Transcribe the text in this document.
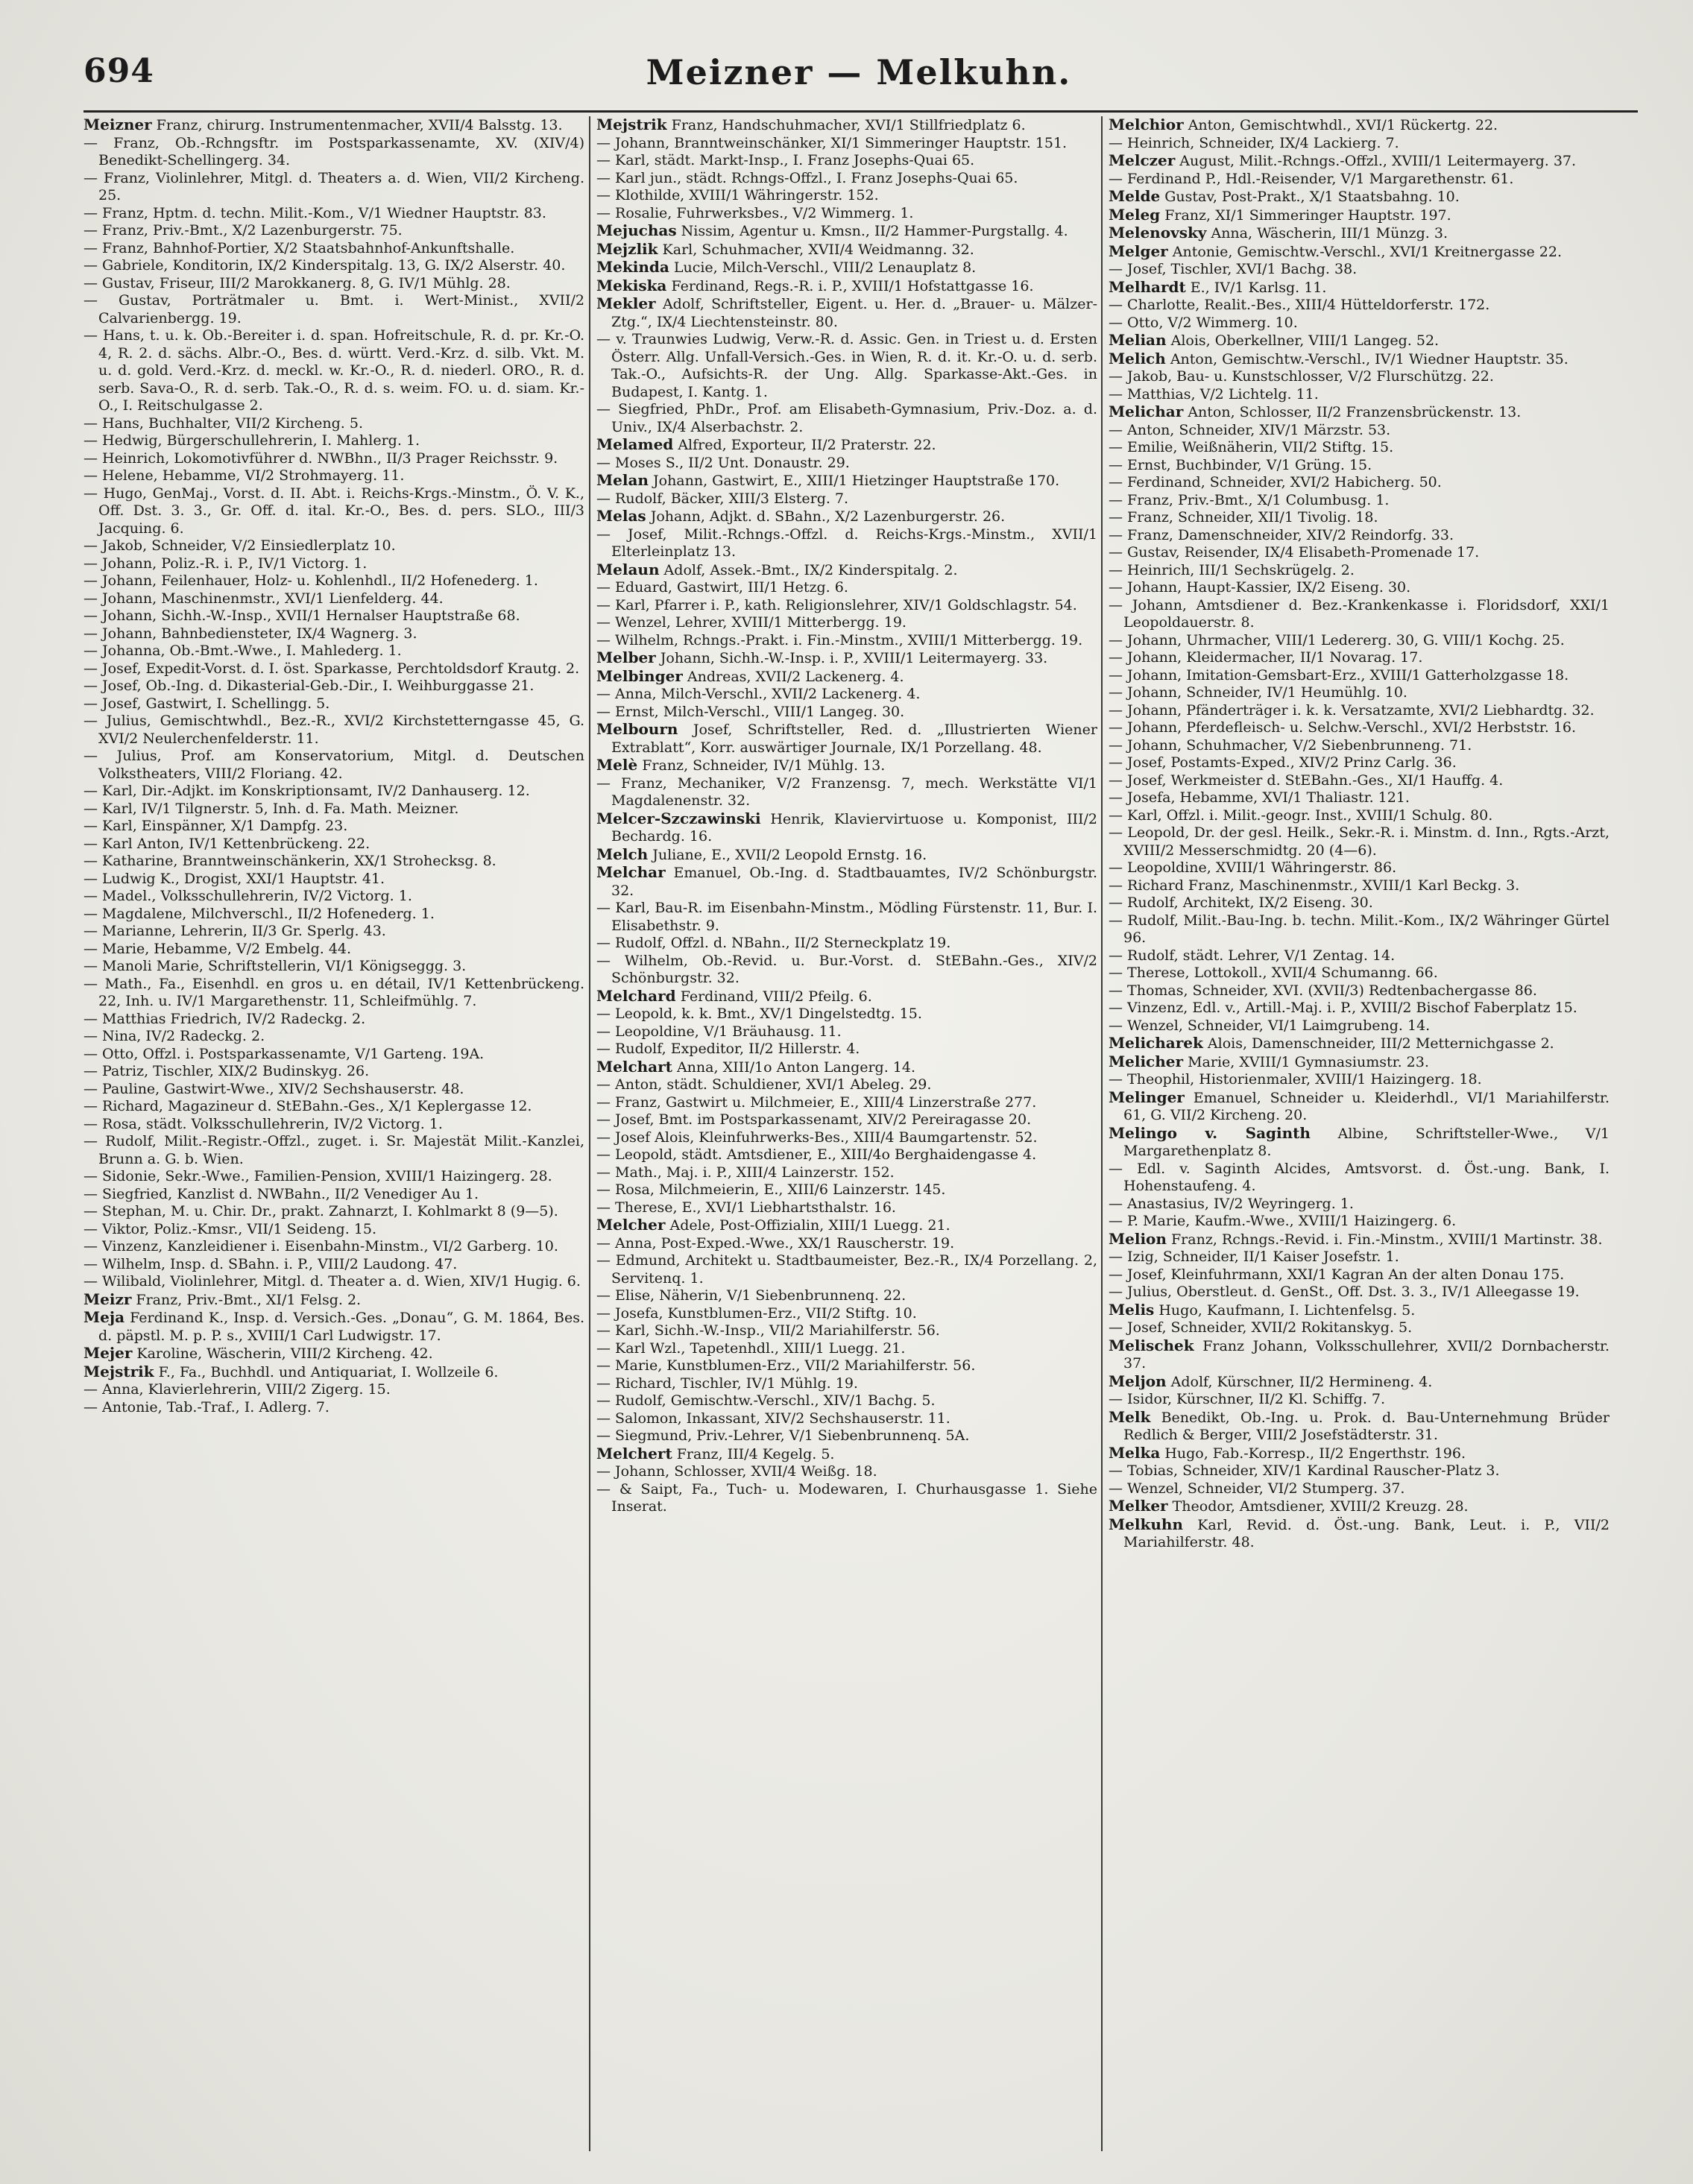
694	Meizner — Melkuhn.

Meizner Franz, chirurg. Instrumentenmacher, XVII/4 Balsstg. 13.

— Franz, Ob.-Rchngsftr. im Postsparkassenamte, XV. (XIV/4) Benedikt-Schellingerg. 34.

— Franz, Violinlehrer, Mitgl. d. Theaters a. d. Wien, VII/2 Kircheng. 25.

— Franz, Hptm. d. techn. Milit.-Kom., V/1 Wiedner Hauptstr. 83.

— Franz, Priv.-Bmt., X/2 Lazenburgerstr. 75.

— Franz, Bahnhof-Portier, X/2 Staatsbahnhof-Ankunftshalle.

— Gabriele, Konditorin, IX/2 Kinderspitalg. 13, G. IX/2 Alserstr. 40.

— Gustav, Friseur, III/2 Marokkanerg. 8, G. IV/1 Mühlg. 28.

— Gustav, Porträtmaler u. Bmt. i. Wert-Minist., XVII/2 Calvarienbergg. 19.

— Hans, t. u. k. Ob.-Bereiter i. d. span. Hofreitschule, R. d. pr. Kr.-O. 4, R. 2. d. sächs. Albr.-O., Bes. d. württ. Verd.-Krz. d. silb. Vkt. M. u. d. gold. Verd.-Krz. d. meckl. w. Kr.-O., R. d. niederl. ORO., R. d. serb. Sava-O., R. d. serb. Tak.-O., R. d. s. weim. FO. u. d. siam. Kr.-O., I. Reitschulgasse 2.

— Hans, Buchhalter, VII/2 Kircheng. 5.

— Hedwig, Bürgerschullehrerin, I. Mahlerg. 1.

— Heinrich, Lokomotivführer d. NWBhn., II/3 Prager Reichsstr. 9.

— Helene, Hebamme, VI/2 Strohmayerg. 11.

— Hugo, GenMaj., Vorst. d. II. Abt. i. Reichs-Krgs.-Minstm., Ö. V. K., Off. Dst. 3. 3., Gr. Off. d. ital. Kr.-O., Bes. d. pers. SLO., III/3 Jacquing. 6.

— Jakob, Schneider, V/2 Einsiedlerplatz 10.

— Johann, Poliz.-R. i. P., IV/1 Victorg. 1.

— Johann, Feilenhauer, Holz- u. Kohlenhdl., II/2 Hofenederg. 1.

— Johann, Maschinenmstr., XVI/1 Lienfelderg. 44.

— Johann, Sichh.-W.-Insp., XVII/1 Hernalser Hauptstraße 68.

— Johann, Bahnbediensteter, IX/4 Wagnerg. 3.

— Johanna, Ob.-Bmt.-Wwe., I. Mahlederg. 1.

— Josef, Expedit-Vorst. d. I. öst. Sparkasse, Perchtoldsdorf Krautg. 2.

— Josef, Ob.-Ing. d. Dikasterial-Geb.-Dir., I. Weihburggasse 21.

— Josef, Gastwirt, I. Schellingg. 5.

— Julius, Gemischtwhdl., Bez.-R., XVI/2 Kirchstetterngasse 45, G. XVI/2 Neulerchenfelderstr. 11.

— Julius, Prof. am Konservatorium, Mitgl. d. Deutschen Volkstheaters, VIII/2 Floriang. 42.

— Karl, Dir.-Adjkt. im Konskriptionsamt, IV/2 Danhauserg. 12.

— Karl, IV/1 Tilgnerstr. 5, Inh. d. Fa. Math. Meizner.

— Karl, Einspänner, X/1 Dampfg. 23.

— Karl Anton, IV/1 Kettenbrückeng. 22.

— Katharine, Branntweinschänkerin, XX/1 Strohecksg. 8.

— Ludwig K., Drogist, XXI/1 Hauptstr. 41.

— Madel., Volksschullehrerin, IV/2 Victorg. 1.

— Magdalene, Milchverschl., II/2 Hofenederg. 1.

— Marianne, Lehrerin, II/3 Gr. Sperlg. 43.

— Marie, Hebamme, V/2 Embelg. 44.

— Manoli Marie, Schriftstellerin, VI/1 Königseggg. 3.

— Math., Fa., Eisenhdl. en gros u. en détail, IV/1 Kettenbrückeng. 22, Inh. u. IV/1 Margarethenstr. 11, Schleifmühlg. 7.

— Matthias Friedrich, IV/2 Radeckg. 2.

— Nina, IV/2 Radeckg. 2.

— Otto, Offzl. i. Postsparkassenamte, V/1 Garteng. 19A.

— Patriz, Tischler, XIX/2 Budinskyg. 26.

— Pauline, Gastwirt-Wwe., XIV/2 Sechshauserstr. 48.

— Richard, Magazineur d. StEBahn.-Ges., X/1 Keplergasse 12.

— Rosa, städt. Volksschullehrerin, IV/2 Victorg. 1.

— Rudolf, Milit.-Registr.-Offzl., zuget. i. Sr. Majestät Milit.-Kanzlei, Brunn a. G. b. Wien.

— Sidonie, Sekr.-Wwe., Familien-Pension, XVIII/1 Haizingerg. 28.

— Siegfried, Kanzlist d. NWBahn., II/2 Venediger Au 1.

— Stephan, M. u. Chir. Dr., prakt. Zahnarzt, I. Kohlmarkt 8 (9—5).

— Viktor, Poliz.-Kmsr., VII/1 Seideng. 15.

— Vinzenz, Kanzleidiener i. Eisenbahn-Minstm., VI/2 Garberg. 10.

— Wilhelm, Insp. d. SBahn. i. P., VIII/2 Laudong. 47.

— Wilibald, Violinlehrer, Mitgl. d. Theater a. d. Wien, XIV/1 Hugig. 6.

Meizr Franz, Priv.-Bmt., XI/1 Felsg. 2.

Meja Ferdinand K., Insp. d. Versich.-Ges. „Donau“, G. M. 1864, Bes. d. päpstl. M. p. P. s., XVIII/1 Carl Ludwigstr. 17.

Mejer Karoline, Wäscherin, VIII/2 Kircheng. 42.

Mejstrik F., Fa., Buchhdl. und Antiquariat, I. Wollzeile 6.

— Anna, Klavierlehrerin, VIII/2 Zigerg. 15.

— Antonie, Tab.-Traf., I. Adlerg. 7.

Mejstrik Franz, Handschuhmacher, XVI/1 Stillfriedplatz 6.

— Johann, Branntweinschänker, XI/1 Simmeringer Hauptstr. 151.

— Karl, städt. Markt-Insp., I. Franz Josephs-Quai 65.

— Karl jun., städt. Rchngs-Offzl., I. Franz Josephs-Quai 65.

— Klothilde, XVIII/1 Währingerstr. 152.

— Rosalie, Fuhrwerksbes., V/2 Wimmerg. 1.

Mejuchas Nissim, Agentur u. Kmsn., II/2 Hammer-Purgstallg. 4.

Mejzlik Karl, Schuhmacher, XVII/4 Weidmanng. 32.

Mekinda Lucie, Milch-Verschl., VIII/2 Lenauplatz 8.

Mekiska Ferdinand, Regs.-R. i. P., XVIII/1 Hofstattgasse 16.

Mekler Adolf, Schriftsteller, Eigent. u. Her. d. „Brauer- u. Mälzer-Ztg.“, IX/4 Liechtensteinstr. 80.

— v. Traunwies Ludwig, Verw.-R. d. Assic. Gen. in Triest u. d. Ersten Österr. Allg. Unfall-Versich.-Ges. in Wien, R. d. it. Kr.-O. u. d. serb. Tak.-O., Aufsichts-R. der Ung. Allg. Sparkasse-Akt.-Ges. in Budapest, I. Kantg. 1.

— Siegfried, PhDr., Prof. am Elisabeth-Gymnasium, Priv.-Doz. a. d. Univ., IX/4 Alserbachstr. 2.

Melamed Alfred, Exporteur, II/2 Praterstr. 22.

— Moses S., II/2 Unt. Donaustr. 29.

Melan Johann, Gastwirt, E., XIII/1 Hietzinger Hauptstraße 170.

— Rudolf, Bäcker, XIII/3 Elsterg. 7.

Melas Johann, Adjkt. d. SBahn., X/2 Lazenburgerstr. 26.

— Josef, Milit.-Rchngs.-Offzl. d. Reichs-Krgs.-Minstm., XVII/1 Elterleinplatz 13.

Melaun Adolf, Assek.-Bmt., IX/2 Kinderspitalg. 2.

— Eduard, Gastwirt, III/1 Hetzg. 6.

— Karl, Pfarrer i. P., kath. Religionslehrer, XIV/1 Goldschlagstr. 54.

— Wenzel, Lehrer, XVIII/1 Mitterbergg. 19.

— Wilhelm, Rchngs.-Prakt. i. Fin.-Minstm., XVIII/1 Mitterbergg. 19.

Melber Johann, Sichh.-W.-Insp. i. P., XVIII/1 Leitermayerg. 33.

Melbinger Andreas, XVII/2 Lackenerg. 4.

— Anna, Milch-Verschl., XVII/2 Lackenerg. 4.

— Ernst, Milch-Verschl., VIII/1 Langeg. 30.

Melbourn Josef, Schriftsteller, Red. d. „Illustrierten Wiener Extrablatt“, Korr. auswärtiger Journale, IX/1 Porzellang. 48.

Melè Franz, Schneider, IV/1 Mühlg. 13.

— Franz, Mechaniker, V/2 Franzensg. 7, mech. Werkstätte VI/1 Magdalenenstr. 32.

Melcer-Szczawinski Henrik, Klaviervirtuose u. Komponist, III/2 Bechardg. 16.

Melch Juliane, E., XVII/2 Leopold Ernstg. 16.

Melchar Emanuel, Ob.-Ing. d. Stadtbauamtes, IV/2 Schönburgstr. 32.

— Karl, Bau-R. im Eisenbahn-Minstm., Mödling Fürstenstr. 11, Bur. I. Elisabethstr. 9.

— Rudolf, Offzl. d. NBahn., II/2 Sterneckplatz 19.

— Wilhelm, Ob.-Revid. u. Bur.-Vorst. d. StEBahn.-Ges., XIV/2 Schönburgstr. 32.

Melchard Ferdinand, VIII/2 Pfeilg. 6.

— Leopold, k. k. Bmt., XV/1 Dingelstedtg. 15.

— Leopoldine, V/1 Bräuhausg. 11.

— Rudolf, Expeditor, II/2 Hillerstr. 4.

Melchart Anna, XIII/1o Anton Langerg. 14.

— Anton, städt. Schuldiener, XVI/1 Abeleg. 29.

— Franz, Gastwirt u. Milchmeier, E., XIII/4 Linzerstraße 277.

— Josef, Bmt. im Postsparkassenamt, XIV/2 Pereiragasse 20.

— Josef Alois, Kleinfuhrwerks-Bes., XIII/4 Baumgartenstr. 52.

— Leopold, städt. Amtsdiener, E., XIII/4o Berghaidengasse 4.

— Math., Maj. i. P., XIII/4 Lainzerstr. 152.

— Rosa, Milchmeierin, E., XIII/6 Lainzerstr. 145.

— Therese, E., XVI/1 Liebhartsthalstr. 16.

Melcher Adele, Post-Offizialin, XIII/1 Luegg. 21.

— Anna, Post-Exped.-Wwe., XX/1 Rauscherstr. 19.

— Edmund, Architekt u. Stadtbaumeister, Bez.-R., IX/4 Porzellang. 2, Servitenq. 1.

— Elise, Näherin, V/1 Siebenbrunnenq. 22.

— Josefa, Kunstblumen-Erz., VII/2 Stiftg. 10.

— Karl, Sichh.-W.-Insp., VII/2 Mariahilferstr. 56.

— Karl Wzl., Tapetenhdl., XIII/1 Luegg. 21.

— Marie, Kunstblumen-Erz., VII/2 Mariahilferstr. 56.

— Richard, Tischler, IV/1 Mühlg. 19.

— Rudolf, Gemischtw.-Verschl., XIV/1 Bachg. 5.

— Salomon, Inkassant, XIV/2 Sechshauserstr. 11.

— Siegmund, Priv.-Lehrer, V/1 Siebenbrunnenq. 5A.

Melchert Franz, III/4 Kegelg. 5.

— Johann, Schlosser, XVII/4 Weißg. 18.

— & Saipt, Fa., Tuch- u. Modewaren, I. Churhausgasse 1. Siehe Inserat.

Melchior Anton, Gemischtwhdl., XVI/1 Rückertg. 22.

— Heinrich, Schneider, IX/4 Lackierg. 7.

Melczer August, Milit.-Rchngs.-Offzl., XVIII/1 Leitermayerg. 37.

— Ferdinand P., Hdl.-Reisender, V/1 Margarethenstr. 61.

Melde Gustav, Post-Prakt., X/1 Staatsbahng. 10.

Meleg Franz, XI/1 Simmeringer Hauptstr. 197.

Melenovsky Anna, Wäscherin, III/1 Münzg. 3.

Melger Antonie, Gemischtw.-Verschl., XVI/1 Kreitnergasse 22.

— Josef, Tischler, XVI/1 Bachg. 38.

Melhardt E., IV/1 Karlsg. 11.

— Charlotte, Realit.-Bes., XIII/4 Hütteldorferstr. 172.

— Otto, V/2 Wimmerg. 10.

Melian Alois, Oberkellner, VIII/1 Langeg. 52.

Melich Anton, Gemischtw.-Verschl., IV/1 Wiedner Hauptstr. 35.

— Jakob, Bau- u. Kunstschlosser, V/2 Flurschützg. 22.

— Matthias, V/2 Lichtelg. 11.

Melichar Anton, Schlosser, II/2 Franzensbrückenstr. 13.

— Anton, Schneider, XIV/1 Märzstr. 53.

— Emilie, Weißnäherin, VII/2 Stiftg. 15.

— Ernst, Buchbinder, V/1 Grüng. 15.

— Ferdinand, Schneider, XVI/2 Habicherg. 50.

— Franz, Priv.-Bmt., X/1 Columbusg. 1.

— Franz, Schneider, XII/1 Tivolig. 18.

— Franz, Damenschneider, XIV/2 Reindorfg. 33.

— Gustav, Reisender, IX/4 Elisabeth-Promenade 17.

— Heinrich, III/1 Sechskrügelg. 2.

— Johann, Haupt-Kassier, IX/2 Eiseng. 30.

— Johann, Amtsdiener d. Bez.-Krankenkasse i. Floridsdorf, XXI/1 Leopoldauerstr. 8.

— Johann, Uhrmacher, VIII/1 Ledererg. 30, G. VIII/1 Kochg. 25.

— Johann, Kleidermacher, II/1 Novarag. 17.

— Johann, Imitation-Gemsbart-Erz., XVIII/1 Gatterholzgasse 18.

— Johann, Schneider, IV/1 Heumühlg. 10.

— Johann, Pfänderträger i. k. k. Versatzamte, XVI/2 Liebhardtg. 32.

— Johann, Pferdefleisch- u. Selchw.-Verschl., XVI/2 Herbststr. 16.

— Johann, Schuhmacher, V/2 Siebenbrunneng. 71.

— Josef, Postamts-Exped., XIV/2 Prinz Carlg. 36.

— Josef, Werkmeister d. StEBahn.-Ges., XI/1 Hauffg. 4.

— Josefa, Hebamme, XVI/1 Thaliastr. 121.

— Karl, Offzl. i. Milit.-geogr. Inst., XVIII/1 Schulg. 80.

— Leopold, Dr. der gesl. Heilk., Sekr.-R. i. Minstm. d. Inn., Rgts.-Arzt, XVIII/2 Messerschmidtg. 20 (4—6).

— Leopoldine, XVIII/1 Währingerstr. 86.

— Richard Franz, Maschinenmstr., XVIII/1 Karl Beckg. 3.

— Rudolf, Architekt, IX/2 Eiseng. 30.

— Rudolf, Milit.-Bau-Ing. b. techn. Milit.-Kom., IX/2 Währinger Gürtel 96.

— Rudolf, städt. Lehrer, V/1 Zentag. 14.

— Therese, Lottokoll., XVII/4 Schumanng. 66.

— Thomas, Schneider, XVI. (XVII/3) Redtenbachergasse 86.

— Vinzenz, Edl. v., Artill.-Maj. i. P., XVIII/2 Bischof Faberplatz 15.

— Wenzel, Schneider, VI/1 Laimgrubeng. 14.

Melicharek Alois, Damenschneider, III/2 Metternichgasse 2.

Melicher Marie, XVIII/1 Gymnasiumstr. 23.

— Theophil, Historienmaler, XVIII/1 Haizingerg. 18.

Melinger Emanuel, Schneider u. Kleiderhdl., VI/1 Mariahilferstr. 61, G. VII/2 Kircheng. 20.

Melingo v. Saginth Albine, Schriftsteller-Wwe., V/1 Margarethenplatz 8.

— Edl. v. Saginth Alcides, Amtsvorst. d. Öst.-ung. Bank, I. Hohenstaufeng. 4.

— Anastasius, IV/2 Weyringerg. 1.

— P. Marie, Kaufm.-Wwe., XVIII/1 Haizingerg. 6.

Melion Franz, Rchngs.-Revid. i. Fin.-Minstm., XVIII/1 Martinstr. 38.

— Izig, Schneider, II/1 Kaiser Josefstr. 1.

— Josef, Kleinfuhrmann, XXI/1 Kagran An der alten Donau 175.

— Julius, Oberstleut. d. GenSt., Off. Dst. 3. 3., IV/1 Alleegasse 19.

Melis Hugo, Kaufmann, I. Lichtenfelsg. 5.

— Josef, Schneider, XVII/2 Rokitanskyg. 5.

Melischek Franz Johann, Volksschullehrer, XVII/2 Dornbacherstr. 37.

Meljon Adolf, Kürschner, II/2 Hermineng. 4.

— Isidor, Kürschner, II/2 Kl. Schiffg. 7.

Melk Benedikt, Ob.-Ing. u. Prok. d. Bau-Unternehmung Brüder Redlich & Berger, VIII/2 Josefstädterstr. 31.

Melka Hugo, Fab.-Korresp., II/2 Engerthstr. 196.

— Tobias, Schneider, XIV/1 Kardinal Rauscher-Platz 3.

— Wenzel, Schneider, VI/2 Stumperg. 37.

Melker Theodor, Amtsdiener, XVIII/2 Kreuzg. 28.

Melkuhn Karl, Revid. d. Öst.-ung. Bank, Leut. i. P., VII/2 Mariahilferstr. 48.
